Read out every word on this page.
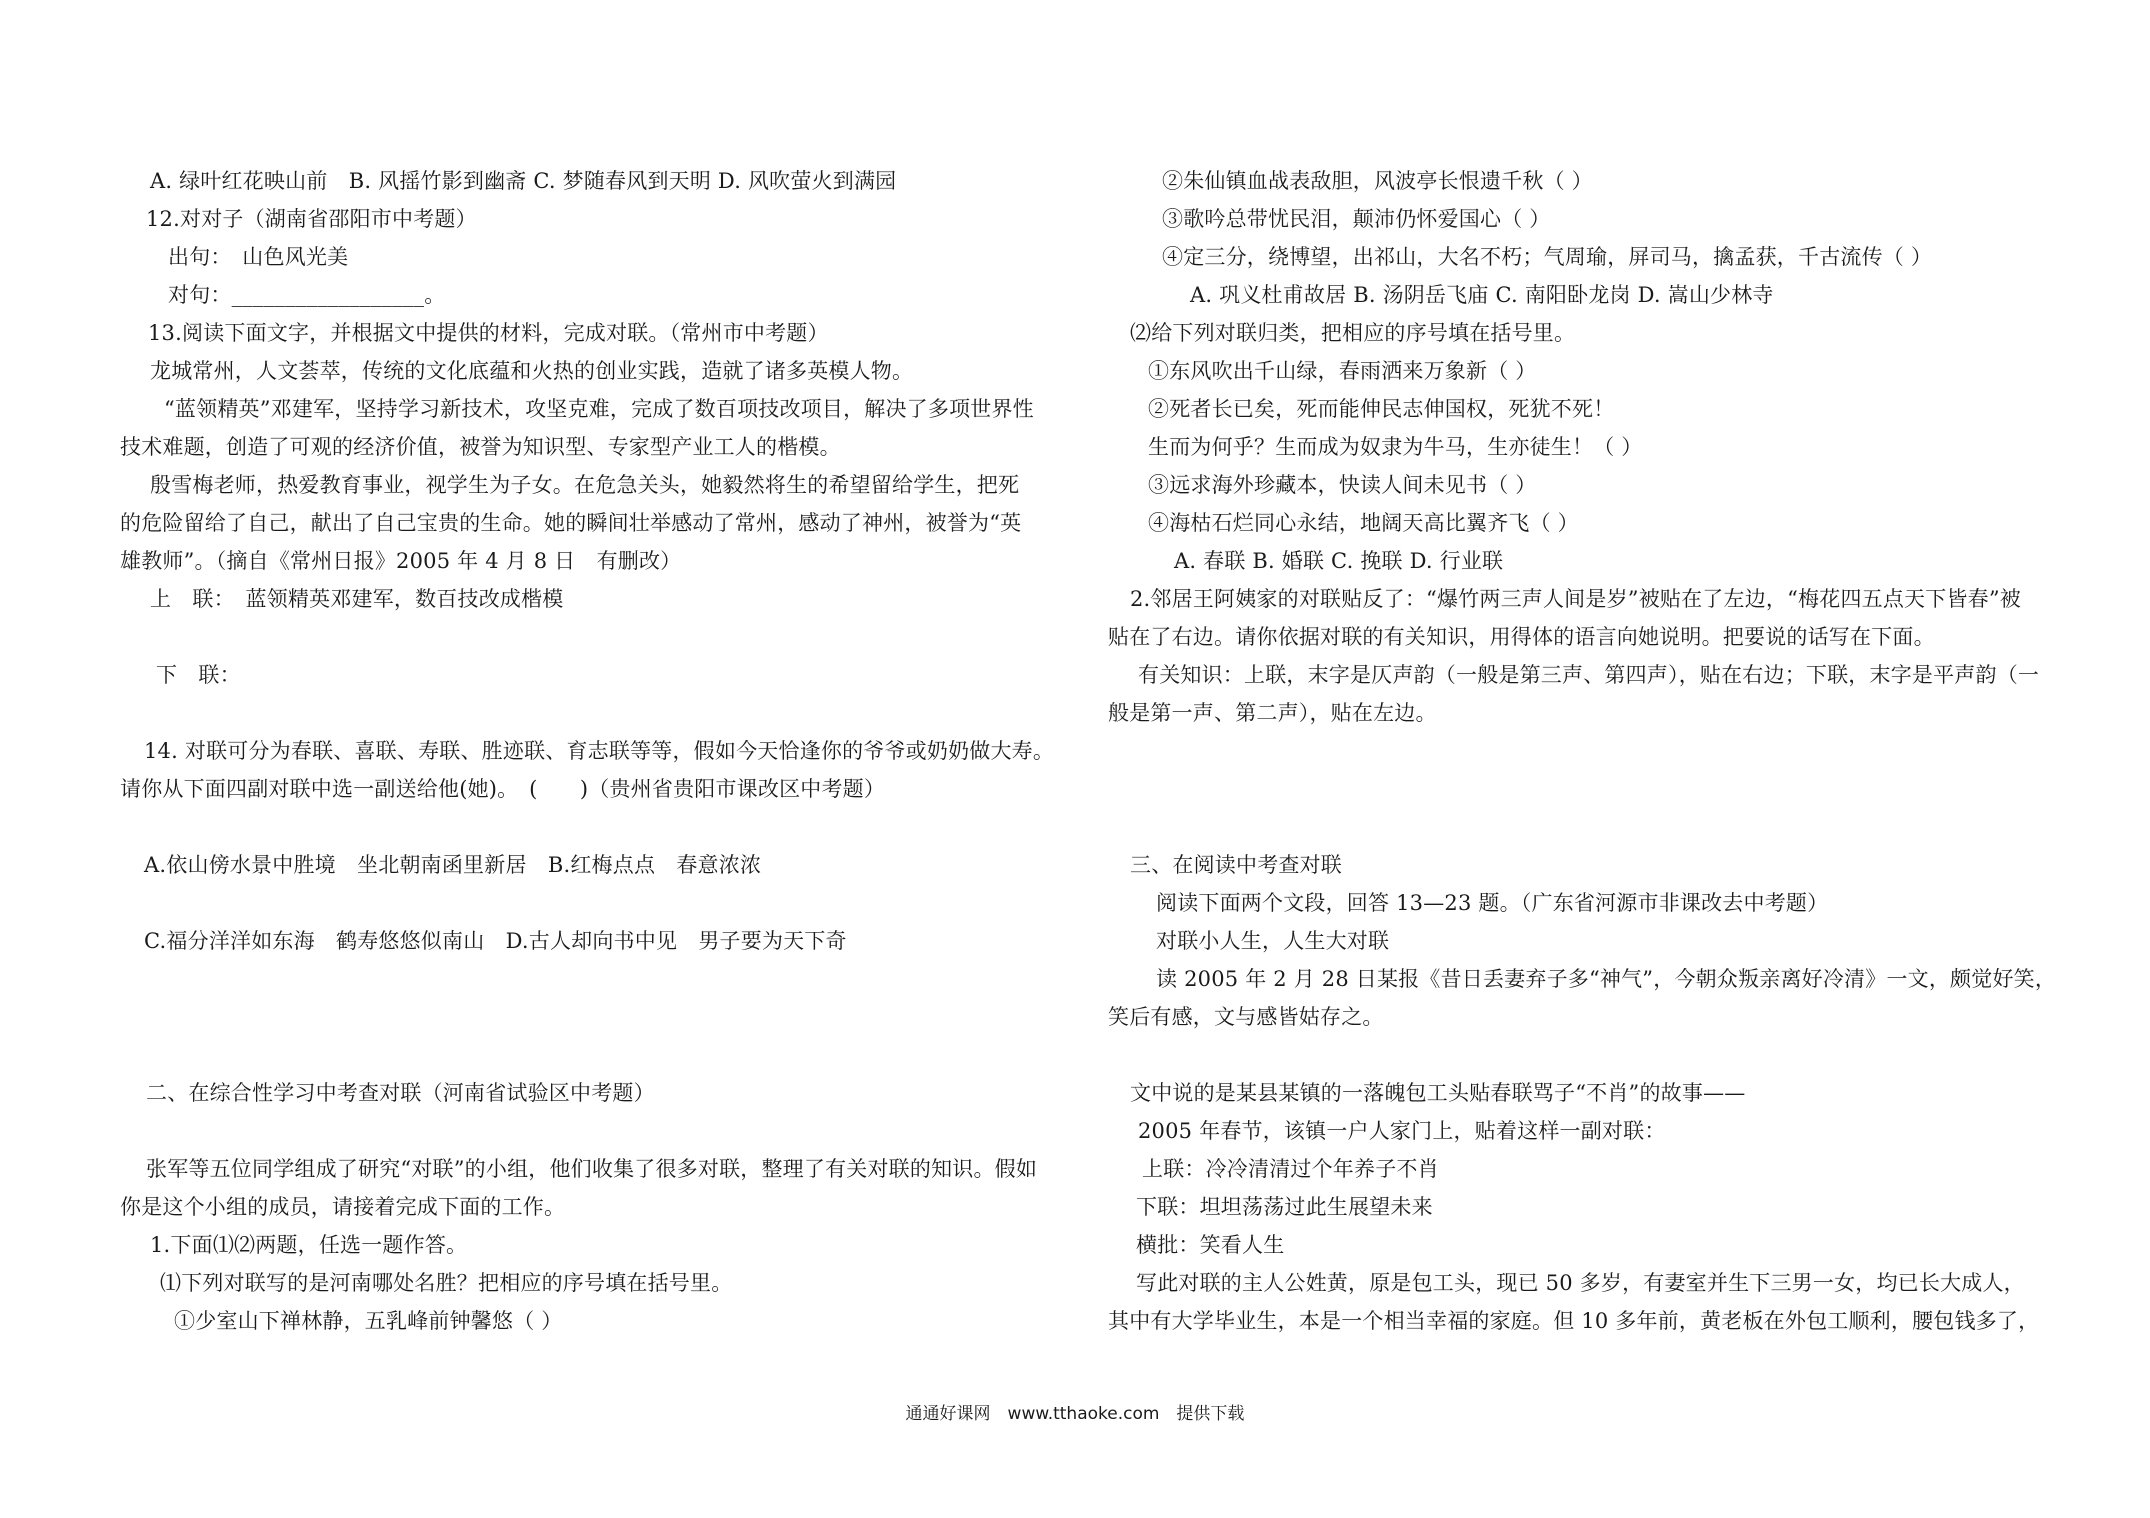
A. 绿叶红花映山前　B. 风摇竹影到幽斋 C. 梦随春风到天明 D. 风吹萤火到满园
12.对对子（湖南省邵阳市中考题）
出句：　山色风光美
对句：__________________。
13.阅读下面文字，并根据文中提供的材料，完成对联。（常州市中考题）
龙城常州，人文荟萃，传统的文化底蕴和火热的创业实践，造就了诸多英模人物。
“蓝领精英”邓建军，坚持学习新技术，攻坚克难，完成了数百项技改项目，解决了多项世界性
技术难题，创造了可观的经济价值，被誉为知识型、专家型产业工人的楷模。
殷雪梅老师，热爱教育事业，视学生为子女。在危急关头，她毅然将生的希望留给学生，把死
的危险留给了自己，献出了自己宝贵的生命。她的瞬间壮举感动了常州，感动了神州，被誉为“英
雄教师”。（摘自《常州日报》2005 年 4 月 8 日　有删改）
上　联：　蓝领精英邓建军，数百技改成楷模
下　联：
14. 对联可分为春联、喜联、寿联、胜迹联、育志联等等，假如今天恰逢你的爷爷或奶奶做大寿。
请你从下面四副对联中选一副送给他(她)。　(　　)（贵州省贵阳市课改区中考题）
A.依山傍水景中胜境　坐北朝南函里新居　B.红梅点点　春意浓浓
C.福分洋洋如东海　鹤寿悠悠似南山　D.古人却向书中见　男子要为天下奇
二、在综合性学习中考查对联（河南省试验区中考题）
张军等五位同学组成了研究“对联”的小组，他们收集了很多对联，整理了有关对联的知识。假如
你是这个小组的成员，请接着完成下面的工作。
1.下面⑴⑵两题，任选一题作答。
⑴下列对联写的是河南哪处名胜？把相应的序号填在括号里。
①少室山下禅林静，五乳峰前钟馨悠（ ）
②朱仙镇血战表敌胆，风波亭长恨遗千秋（ ）
③歌吟总带忧民泪，颠沛仍怀爱国心（ ）
④定三分，绕博望，出祁山，大名不朽；气周瑜，屏司马，擒孟获，千古流传（ ）
A. 巩义杜甫故居 B. 汤阴岳飞庙 C. 南阳卧龙岗 D. 嵩山少林寺
⑵给下列对联归类，把相应的序号填在括号里。
①东风吹出千山绿，春雨洒来万象新（ ）
②死者长已矣，死而能伸民志伸国权，死犹不死！
生而为何乎？生而成为奴隶为牛马，生亦徒生！（ ）
③远求海外珍藏本，快读人间未见书（ ）
④海枯石烂同心永结，地阔天高比翼齐飞（ ）
A. 春联 B. 婚联 C. 挽联 D. 行业联
2.邻居王阿姨家的对联贴反了：“爆竹两三声人间是岁”被贴在了左边，“梅花四五点天下皆春”被
贴在了右边。请你依据对联的有关知识，用得体的语言向她说明。把要说的话写在下面。
有关知识：上联，末字是仄声韵（一般是第三声、第四声），贴在右边；下联，末字是平声韵（一
般是第一声、第二声），贴在左边。
三、在阅读中考查对联
阅读下面两个文段，回答 13—23 题。（广东省河源市非课改去中考题）
对联小人生，人生大对联
读 2005 年 2 月 28 日某报《昔日丢妻弃子多“神气”，今朝众叛亲离好冷清》一文，颇觉好笑，
笑后有感，文与感皆姑存之。
文中说的是某县某镇的一落魄包工头贴春联骂子“不肖”的故事——
2005 年春节，该镇一户人家门上，贴着这样一副对联：
上联：冷冷清清过个年养子不肖
下联：坦坦荡荡过此生展望未来
横批：笑看人生
写此对联的主人公姓黄，原是包工头，现已 50 多岁，有妻室并生下三男一女，均已长大成人，
其中有大学毕业生，本是一个相当幸福的家庭。但 10 多年前，黄老板在外包工顺利，腰包钱多了，
通通好课网　www.tthaoke.com　提供下载
